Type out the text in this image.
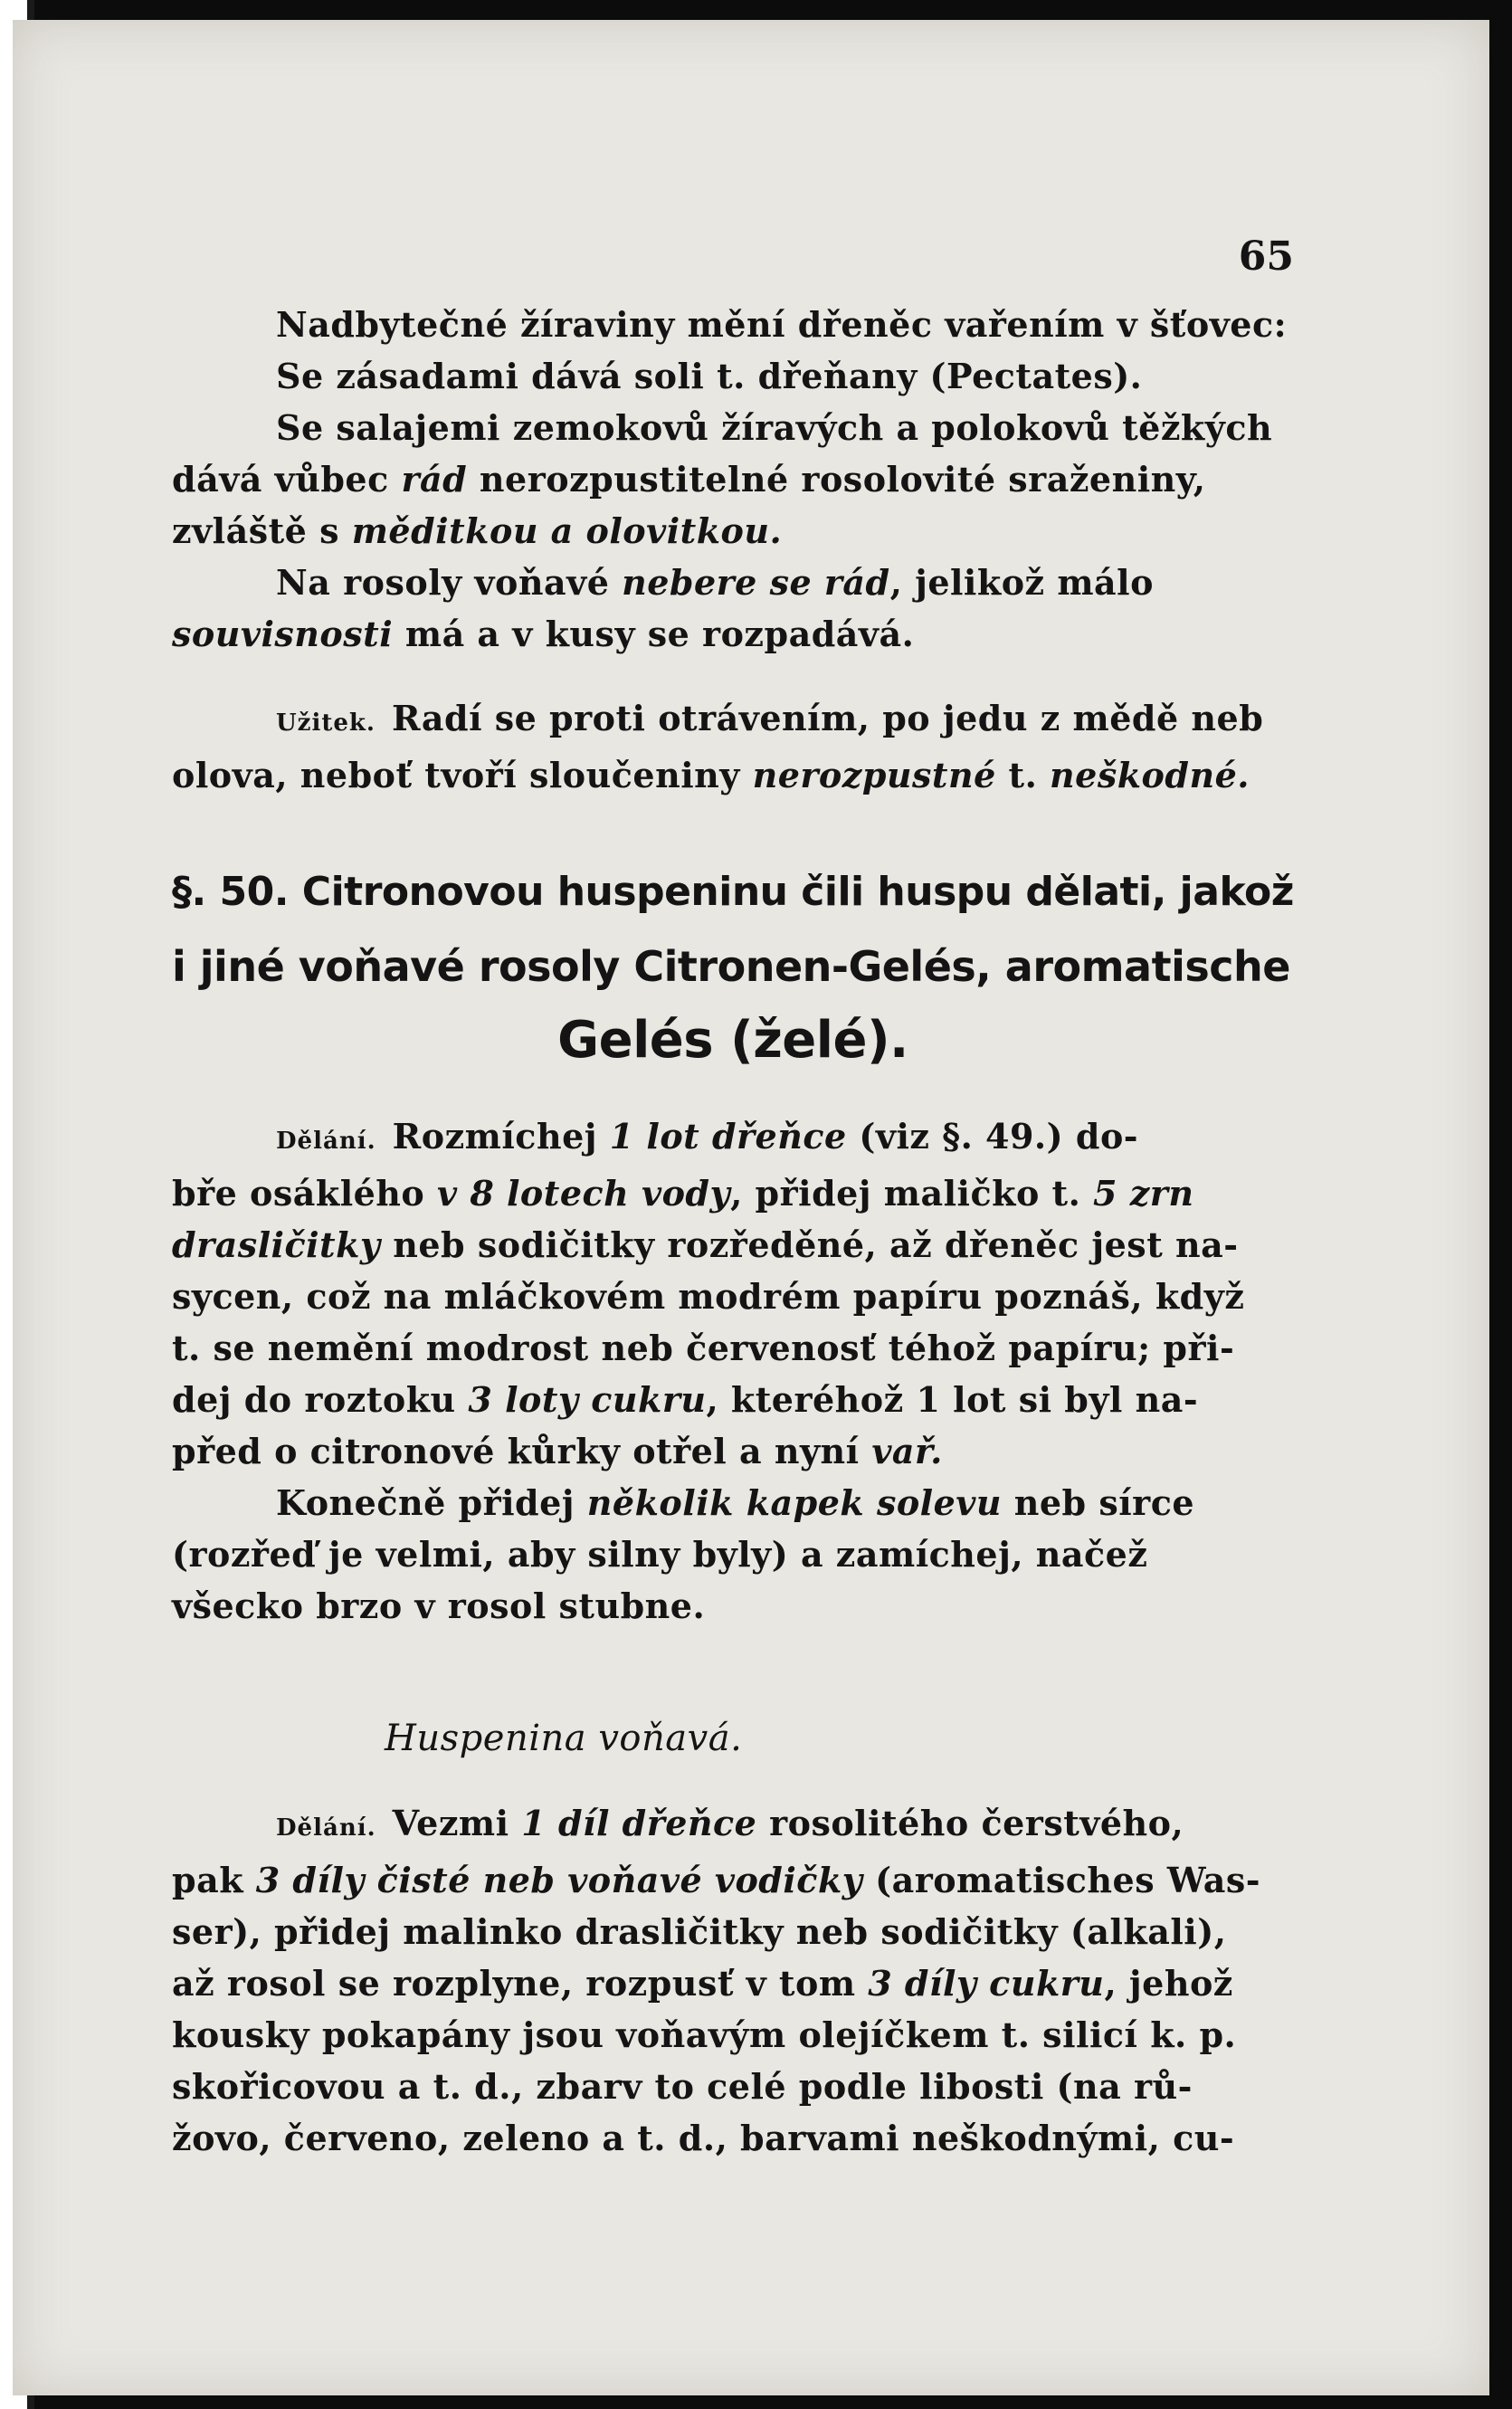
65
Nadbytečné žíraviny mění dřeněc vařením v šťovec:
Se zásadami dává soli t. dřeňany (Pectates).
Se salajemi zemokovů žíravých a polokovů těžkých
dává vůbec rád nerozpustitelné rosolovité sraženiny,
zvláště s měditkou a olovitkou.
Na rosoly voňavé nebere se rád, jelikož málo
souvisnosti má a v kusy se rozpadává.
Užitek. Radí se proti otrávením, po jedu z mědě neb
olova, neboť tvoří sloučeniny nerozpustné t. neškodné.
§. 50. Citronovou huspeninu čili huspu dělati, jakož
i jiné voňavé rosoly Citronen-Gelés, aromatische
Gelés (želé).
Dělání. Rozmíchej 1 lot dřeňce (viz §. 49.) do-
bře osáklého v 8 lotech vody, přidej maličko t. 5 zrn
drasličitky neb sodičitky rozředěné, až dřeněc jest na-
sycen, což na mláčkovém modrém papíru poznáš, když
t. se nemění modrost neb červenosť téhož papíru; při-
dej do roztoku 3 loty cukru, kteréhož 1 lot si byl na-
před o citronové kůrky otřel a nyní vař.
Konečně přidej několik kapek solevu neb sírce
(rozřeď je velmi, aby silny byly) a zamíchej, načež
všecko brzo v rosol stubne.
Huspenina voňavá.
Dělání. Vezmi 1 díl dřeňce rosolitého čerstvého,
pak 3 díly čisté neb voňavé vodičky (aromatisches Was-
ser), přidej malinko drasličitky neb sodičitky (alkali),
až rosol se rozplyne, rozpusť v tom 3 díly cukru, jehož
kousky pokapány jsou voňavým olejíčkem t. silicí k. p.
skořicovou a t. d., zbarv to celé podle libosti (na rů-
žovo, červeno, zeleno a t. d., barvami neškodnými, cu-
